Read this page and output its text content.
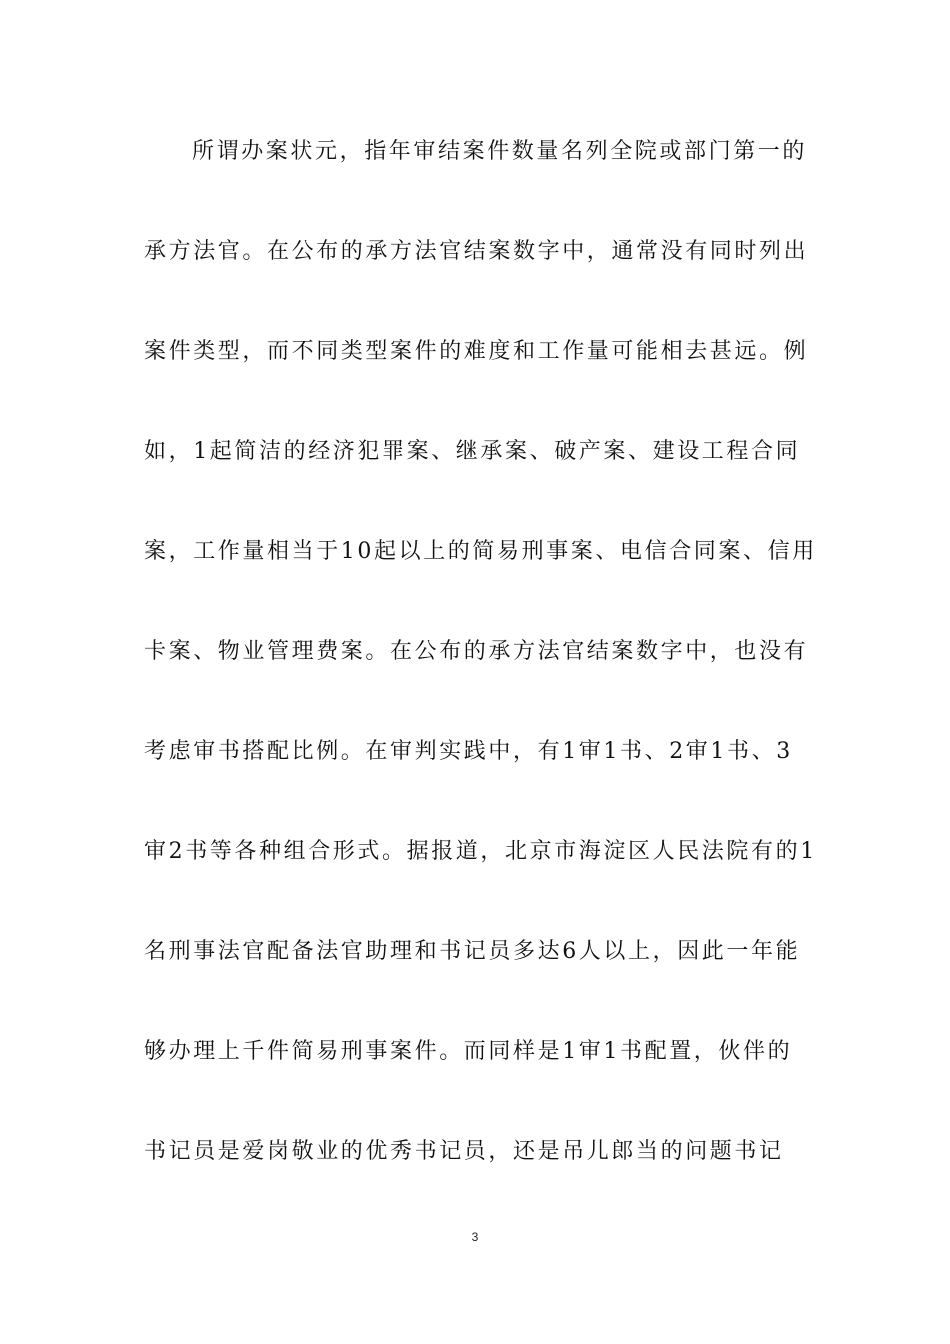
所谓办案状元，指年审结案件数量名列全院或部门第一的
承方法官。在公布的承方法官结案数字中，通常没有同时列出
案件类型，而不同类型案件的难度和工作量可能相去甚远。例
如，1起简洁的经济犯罪案、继承案、破产案、建设工程合同
案，工作量相当于10起以上的简易刑事案、电信合同案、信用
卡案、物业管理费案。在公布的承方法官结案数字中，也没有
考虑审书搭配比例。在审判实践中，有1审1书、2审1书、3
审2书等各种组合形式。据报道，北京市海淀区人民法院有的1
名刑事法官配备法官助理和书记员多达6人以上，因此一年能
够办理上千件简易刑事案件。而同样是1审1书配置，伙伴的
书记员是爱岗敬业的优秀书记员，还是吊儿郎当的问题书记
3
